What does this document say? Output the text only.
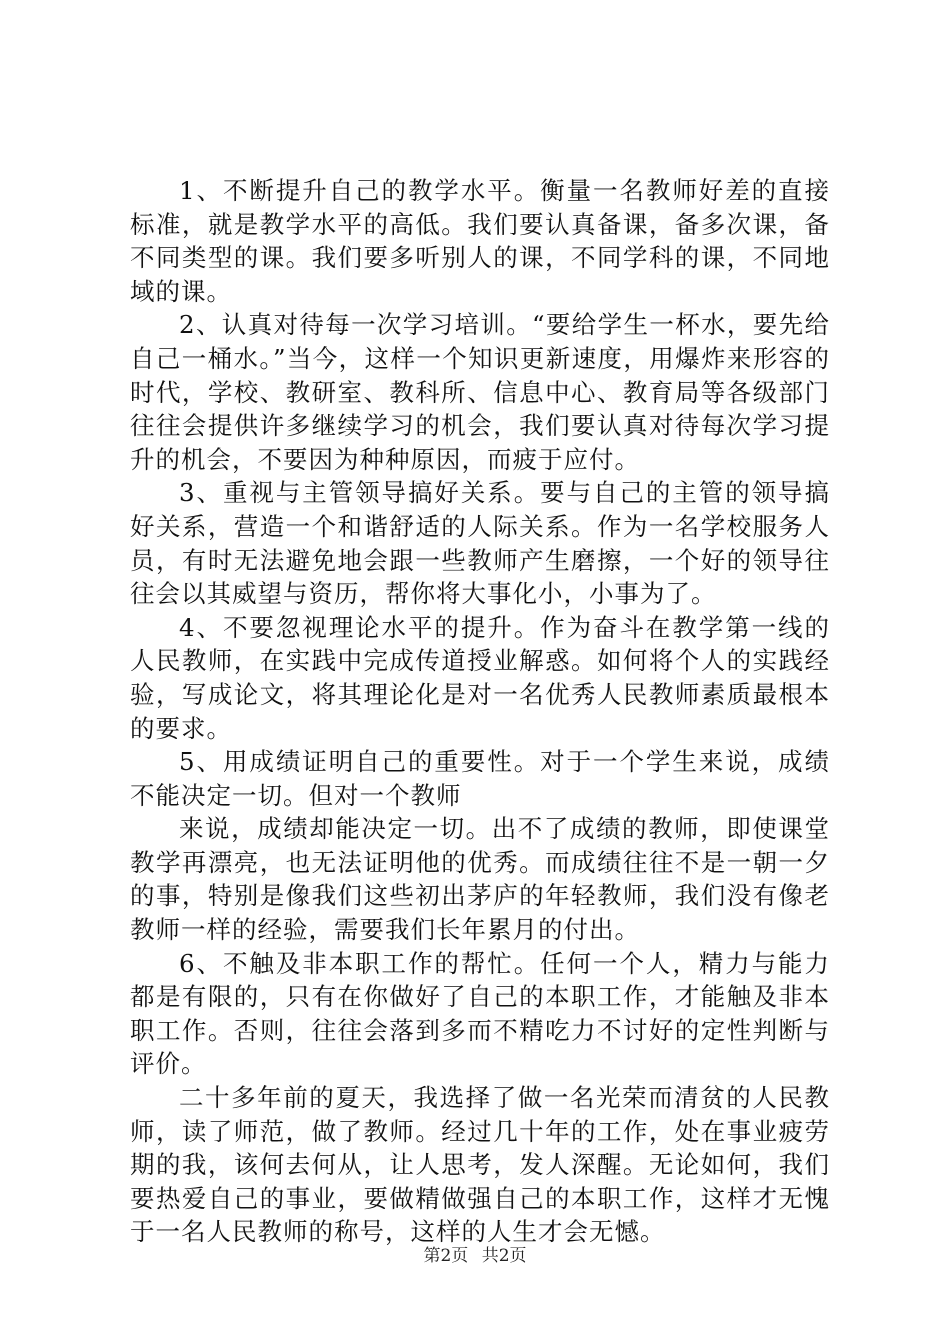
1、不断提升自己的教学水平。衡量一名教师好差的直接标准，就是教学水平的高低。我们要认真备课，备多次课，备不同类型的课。我们要多听别人的课，不同学科的课，不同地域的课。

2、认真对待每一次学习培训。“要给学生一杯水，要先给自己一桶水。”当今，这样一个知识更新速度，用爆炸来形容的时代，学校、教研室、教科所、信息中心、教育局等各级部门往往会提供许多继续学习的机会，我们要认真对待每次学习提升的机会，不要因为种种原因，而疲于应付。

3、重视与主管领导搞好关系。要与自己的主管的领导搞好关系，营造一个和谐舒适的人际关系。作为一名学校服务人员，有时无法避免地会跟一些教师产生磨擦，一个好的领导往往会以其威望与资历，帮你将大事化小，小事为了。

4、不要忽视理论水平的提升。作为奋斗在教学第一线的人民教师，在实践中完成传道授业解惑。如何将个人的实践经验，写成论文，将其理论化是对一名优秀人民教师素质最根本的要求。

5、用成绩证明自己的重要性。对于一个学生来说，成绩不能决定一切。但对一个教师

来说，成绩却能决定一切。出不了成绩的教师，即使课堂教学再漂亮，也无法证明他的优秀。而成绩往往不是一朝一夕的事，特别是像我们这些初出茅庐的年轻教师，我们没有像老教师一样的经验，需要我们长年累月的付出。

6、不触及非本职工作的帮忙。任何一个人，精力与能力都是有限的，只有在你做好了自己的本职工作，才能触及非本职工作。否则，往往会落到多而不精吃力不讨好的定性判断与评价。

二十多年前的夏天，我选择了做一名光荣而清贫的人民教师，读了师范，做了教师。经过几十年的工作，处在事业疲劳期的我，该何去何从，让人思考，发人深醒。无论如何，我们要热爱自己的事业，要做精做强自己的本职工作，这样才无愧于一名人民教师的称号，这样的人生才会无憾。

第2页 共2页
